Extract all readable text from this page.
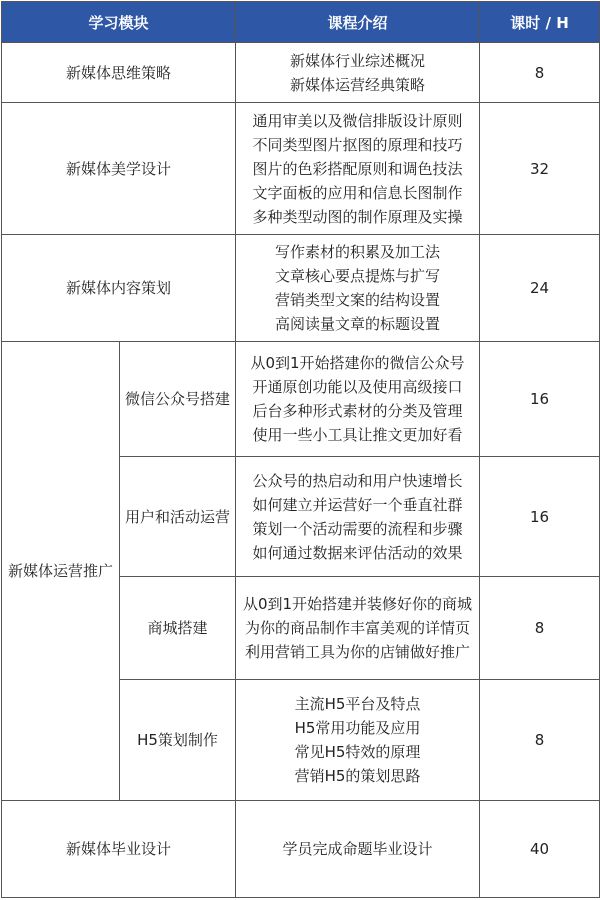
学习模块		课程介绍	课时 / H
新媒体思维策略		新媒体行业综述概况
新媒体运营经典策略	8
新媒体美学设计		通用审美以及微信排版设计原则
不同类型图片抠图的原理和技巧
图片的色彩搭配原则和调色技法
文字面板的应用和信息长图制作
多种类型动图的制作原理及实操	32
新媒体内容策划		写作素材的积累及加工法
文章核心要点提炼与扩写
营销类型文案的结构设置
高阅读量文章的标题设置	24
新媒体运营推广	微信公众号搭建	从0到1开始搭建你的微信公众号
开通原创功能以及使用高级接口
后台多种形式素材的分类及管理
使用一些小工具让推文更加好看	16
	用户和活动运营	公众号的热启动和用户快速增长
如何建立并运营好一个垂直社群
策划一个活动需要的流程和步骤
如何通过数据来评估活动的效果	16
	商城搭建	从0到1开始搭建并装修好你的商城
为你的商品制作丰富美观的详情页
利用营销工具为你的店铺做好推广	8
	H5策划制作	主流H5平台及特点
H5常用功能及应用
常见H5特效的原理
营销H5的策划思路	8
新媒体毕业设计		学员完成命题毕业设计	40
